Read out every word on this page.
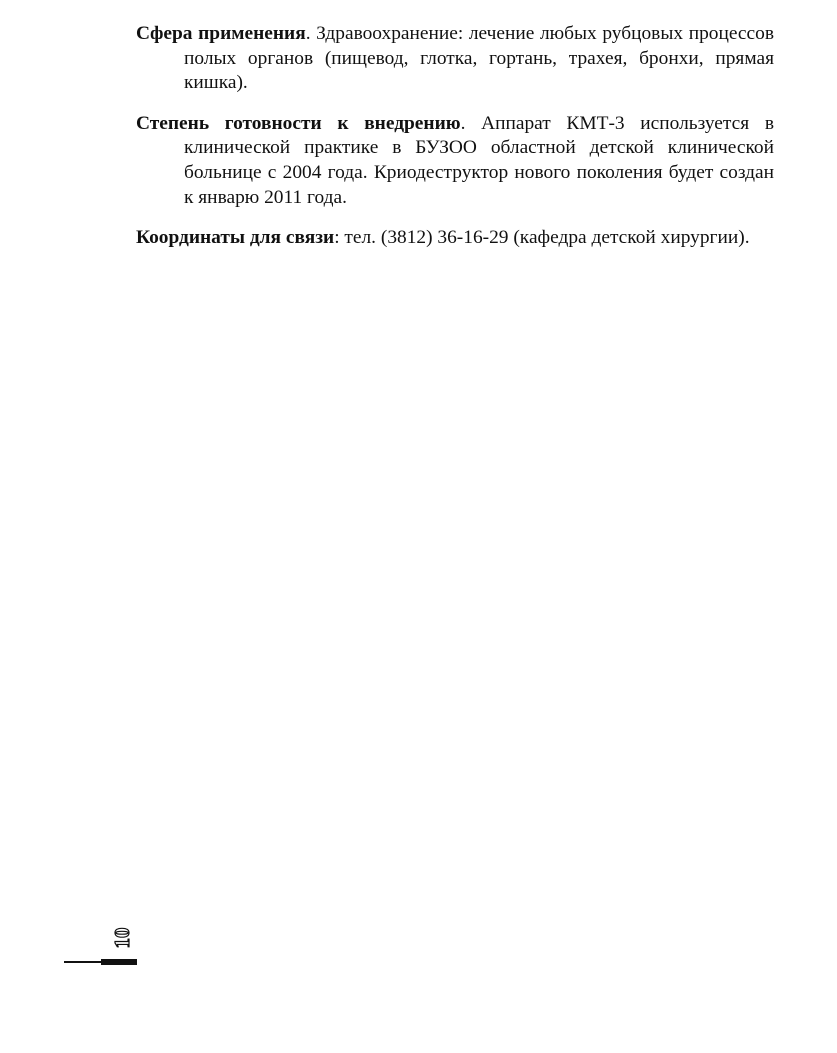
Сфера применения. Здравоохранение: лечение любых рубцовых процессов полых органов (пищевод, глотка, гортань, трахея, бронхи, прямая кишка).

Степень готовности к внедрению. Аппарат КМТ-3 используется в клинической практике в БУЗОО областной детской клинической больнице с 2004 года. Криодеструктор нового поколения будет создан к январю 2011 года.

Координаты для связи: тел. (3812) 36-16-29 (кафедра детской хирургии).

10
